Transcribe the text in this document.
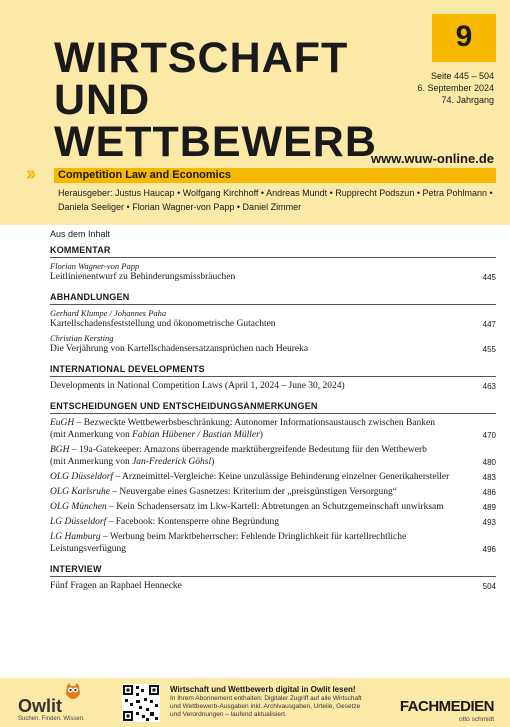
9
Seite 445 – 504
6. September 2024
74. Jahrgang
WIRTSCHAFT
UND
WETTBEWERB
www.wuw-online.de
›› Competition Law and Economics
Herausgeber: Justus Haucap • Wolfgang Kirchhoff • Andreas Mundt • Rupprecht Podszun • Petra Pohlmann • Daniela Seeliger • Florian Wagner-von Papp • Daniel Zimmer
Aus dem Inhalt
KOMMENTAR
Florian Wagner-von Papp
Leitlinienentwurf zu Behinderungsmissbräuchen	445
ABHANDLUNGEN
Gerhard Klumpe / Johannes Paha
Kartellschadensfeststellung und ökonometrische Gutachten	447
Christian Kersting
Die Verjährung von Kartellschadensersatzansprüchen nach Heureka	455
INTERNATIONAL DEVELOPMENTS
Developments in National Competition Laws (April 1, 2024 – June 30, 2024)	463
ENTSCHEIDUNGEN UND ENTSCHEIDUNGSANMERKUNGEN
EuGH – Bezweckte Wettbewerbsbeschränkung: Autonomer Informationsaustausch zwischen Banken
(mit Anmerkung von Fabian Hübener / Bastian Müller)	470
BGH – 19a-Gatekeeper: Amazons überragende marktübergreifende Bedeutung für den Wettbewerb
(mit Anmerkung von Jan-Frederick Göhsl)	480
OLG Düsseldorf – Arzneimittel-Vergleiche: Keine unzulässige Behinderung einzelner Generikahersteller	483
OLG Karlsruhe – Neuvergabe eines Gasnetzes: Kriterium der „preisgünstigen Versorgung“	486
OLG München – Kein Schadensersatz im Lkw-Kartell: Abtretungen an Schutzgemeinschaft unwirksam	489
LG Düsseldorf – Facebook: Kontensperre ohne Begründung	493
LG Hamburg – Werbung beim Marktbeherrscher: Fehlende Dringlichkeit für kartellrechtliche Leistungsverfügung	496
INTERVIEW
Fünf Fragen an Raphael Hennecke	504
Owlit
Suchen. Finden. Wissen.
Wirtschaft und Wettbewerb digital in Owlit lesen!
In Ihrem Abonnement enthalten: Digitaler Zugriff auf alle Wirtschaft und Wettbewerb-Ausgaben inkl. Archivausgaben, Urteile, Gesetze und Verordnungen – laufend aktualisiert.	FACHMEDIEN
otto schmidt
